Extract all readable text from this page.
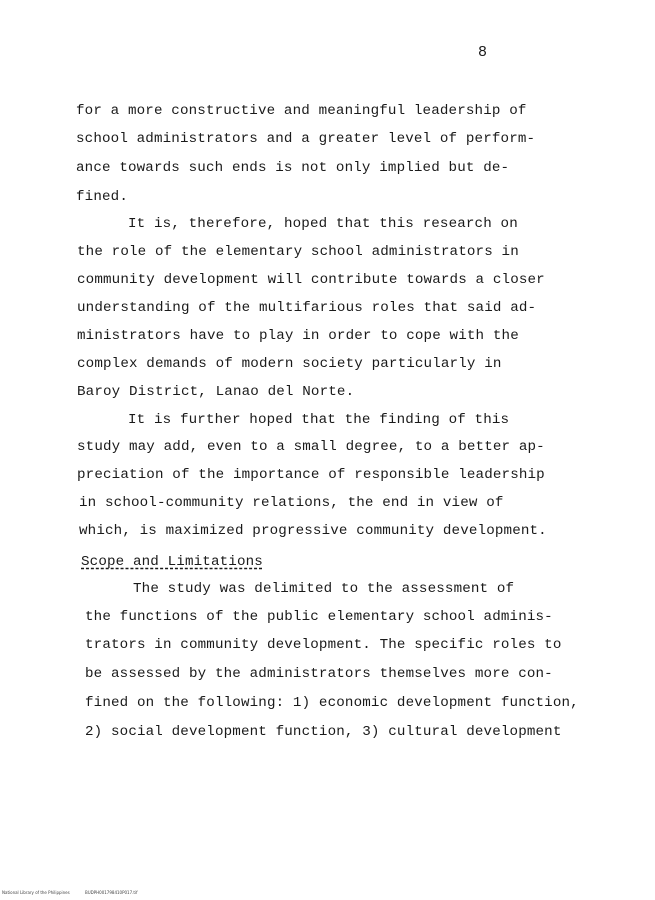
8
for a more constructive and meaningful leadership of
school administrators and a greater level of perform-
ance towards such ends is not only implied but de-
fined.
It is, therefore, hoped that this research on
the role of the elementary school administrators in
community development will contribute towards a closer
understanding of the multifarious roles that said ad-
ministrators have to play in order to cope with the
complex demands of modern society particularly in
Baroy District, Lanao del Norte.
It is further hoped that the finding of this
study may add, even to a small degree, to a better ap-
preciation of the importance of responsible leadership
in school-community relations, the end in view of
which, is maximized progressive community development.
Scope and Limitations
The study was delimited to the assessment of
the functions of the public elementary school adminis-
trators in community development. The specific roles to
be assessed by the administrators themselves more con-
fined on the following: 1) economic development function,
2) social development function, 3) cultural development
National Library of the Philippines	BUDPH001798410P017.tif
